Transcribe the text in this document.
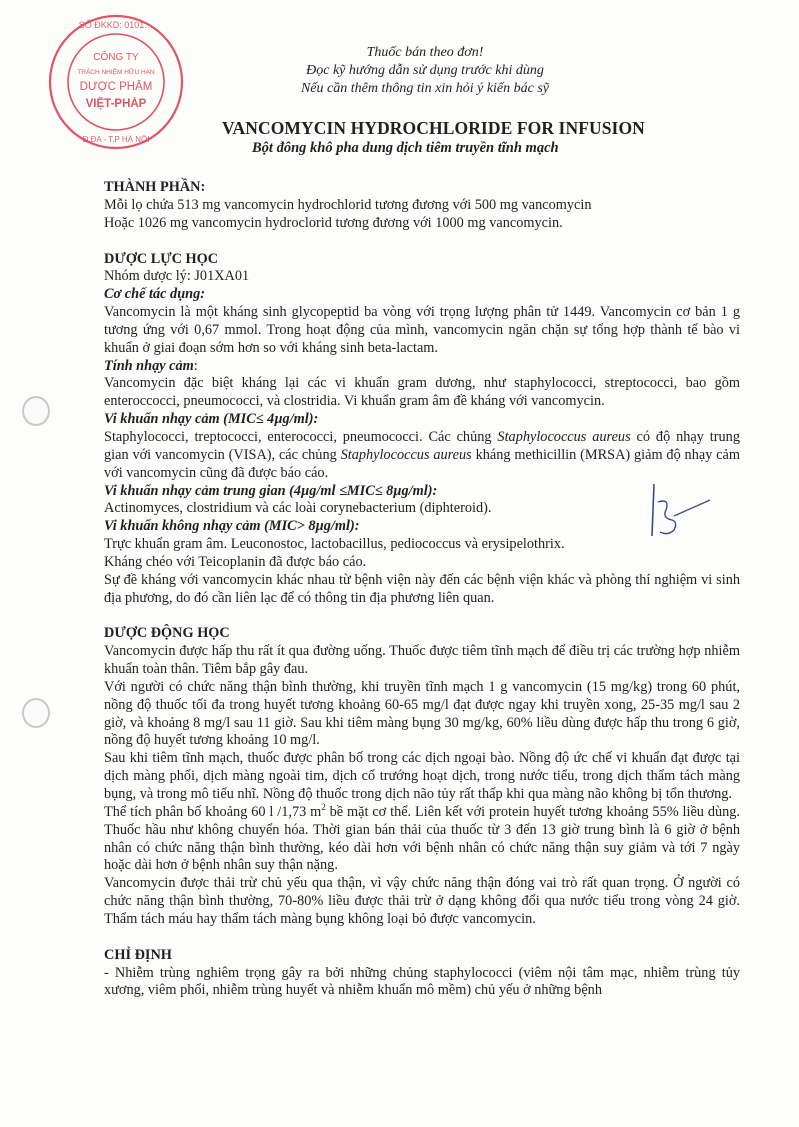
SỐ ĐKKD: 0101…
CÔNG TY
TRÁCH NHIỆM HỮU HẠN
DƯỢC PHẨM
VIỆT-PHÁP
Đ.ĐA - T.P HÀ NỘI
Thuốc bán theo đơn!
Đọc kỹ hướng dẫn sử dụng trước khi dùng
Nếu cần thêm thông tin xin hỏi ý kiến bác sỹ
VANCOMYCIN HYDROCHLORIDE FOR INFUSION
Bột đông khô pha dung dịch tiêm truyền tĩnh mạch

THÀNH PHẦN:

Mỗi lọ chứa 513 mg vancomycin hydrochlorid tương đương với 500 mg vancomycin

Hoặc 1026 mg vancomycin hydroclorid tương đương với 1000 mg vancomycin.

DƯỢC LỰC HỌC

Nhóm dược lý: J01XA01

Cơ chế tác dụng:

Vancomycin là một kháng sinh glycopeptid ba vòng với trọng lượng phân tử 1449. Vancomycin cơ bản 1 g tương ứng với 0,67 mmol. Trong hoạt động của mình, vancomycin ngăn chặn sự tổng hợp thành tế bào vi khuẩn ở giai đoạn sớm hơn so với kháng sinh beta-lactam.

Tính nhạy cảm:

Vancomycin đặc biệt kháng lại các vi khuẩn gram dương, như staphylococci, streptococci, bao gồm enteroccocci, pneumococci, và clostridia. Vi khuẩn gram âm đề kháng với vancomycin.

Vi khuẩn nhạy cảm (MIC≤ 4µg/ml):

Staphylococci, treptococci, enterococci, pneumococci. Các chủng Staphylococcus aureus có độ nhạy trung gian với vancomycin (VISA), các chủng Staphylococcus aureus kháng methicillin (MRSA) giảm độ nhạy cảm với vancomycin cũng đã được báo cáo.

Vi khuẩn nhạy cảm trung gian (4µg/ml ≤MIC≤ 8µg/ml):

Actinomyces, clostridium và các loài corynebacterium (diphteroid).

Vi khuẩn không nhạy cảm (MIC> 8µg/ml):

Trực khuẩn gram âm. Leuconostoc, lactobacillus, pediococcus và erysipelothrix.

Kháng chéo với Teicoplanin đã được báo cáo.

Sự đề kháng với vancomycin khác nhau từ bệnh viện này đến các bệnh viện khác và phòng thí nghiệm vi sinh địa phương, do đó cần liên lạc để có thông tin địa phương liên quan.

DƯỢC ĐỘNG HỌC

Vancomycin được hấp thu rất ít qua đường uống. Thuốc được tiêm tĩnh mạch để điều trị các trường hợp nhiễm khuẩn toàn thân. Tiêm bắp gây đau.

Với người có chức năng thận bình thường, khi truyền tĩnh mạch 1 g vancomycin (15 mg/kg) trong 60 phút, nồng độ thuốc tối đa trong huyết tương khoảng 60-65 mg/l đạt được ngay khi truyền xong, 25-35 mg/l sau 2 giờ, và khoảng 8 mg/l sau 11 giờ. Sau khi tiêm màng bụng 30 mg/kg, 60% liều dùng được hấp thu trong 6 giờ, nồng độ huyết tương khoảng 10 mg/l.

Sau khi tiêm tĩnh mạch, thuốc được phân bố trong các dịch ngoại bào. Nồng độ ức chế vi khuẩn đạt được tại dịch màng phổi, dịch màng ngoài tim, dịch cổ trướng hoạt dịch, trong nước tiểu, trong dịch thẩm tách màng bụng, và trong mô tiểu nhĩ. Nồng độ thuốc trong dịch não tủy rất thấp khi qua màng não không bị tổn thương.

Thể tích phân bố khoảng 60 l /1,73 $m^2$ bề mặt cơ thể. Liên kết với protein huyết tương khoảng 55% liều dùng. Thuốc hầu như không chuyển hóa. Thời gian bán thải của thuốc từ 3 đến 13 giờ trung bình là 6 giờ ở bệnh nhân có chức năng thận bình thường, kéo dài hơn với bệnh nhân có chức năng thận suy giảm và tới 7 ngày hoặc dài hơn ở bệnh nhân suy thận nặng.

Vancomycin được thải trừ chủ yếu qua thận, vì vậy chức năng thận đóng vai trò rất quan trọng. Ở người có chức năng thận bình thường, 70-80% liều được thải trừ ở dạng không đổi qua nước tiểu trong vòng 24 giờ. Thẩm tách máu hay thẩm tách màng bụng không loại bỏ được vancomycin.

CHỈ ĐỊNH

- Nhiễm trùng nghiêm trọng gây ra bởi những chủng staphylococci (viêm nội tâm mạc, nhiễm trùng tủy xương, viêm phổi, nhiễm trùng huyết và nhiễm khuẩn mô mềm) chủ yếu ở những bệnh
